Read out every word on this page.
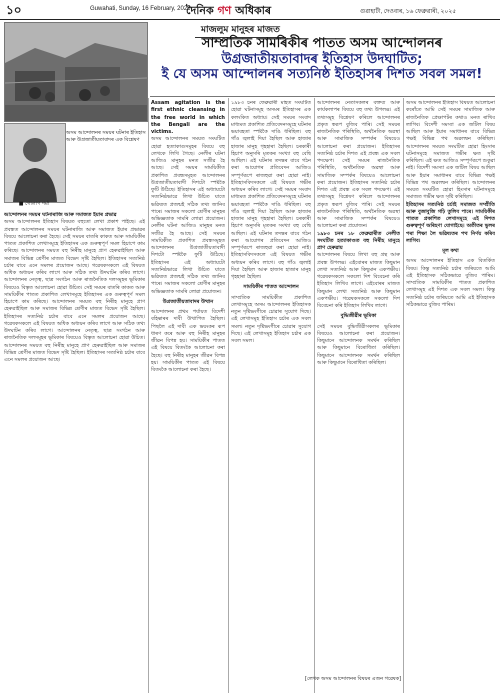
১০	Guwahati, Sunday, 16 February, 2025
দৈনিক গণ অধিকাৰ	গুৱাহাটী, দেওবাৰ, ১৬ ফেব্ৰুৱাৰী, ২০২৫
মাজলুম মানুহৰ মাজত
সাম্প্ৰতিক সামৰিকীৰ পাতত অসম আন্দোলনৰ
উগ্ৰজাতীয়তাবাদৰ ইতিহাস উদঘাটিত;
ই যে অসম আন্দোলনৰ সত্যনিষ্ঠ ইতিহাসৰ দিশত সবল সমল!
■ গোলাপ শৰ্মা
অসম আন্দোলনৰ সময়ৰ ঘটনাৰ ইতিহাস আৰু উগ্ৰজাতীয়তাবাদৰ এক বিশ্লেষণ
আন্দোলনৰ সময়ৰ ঘটনাৰাজি আৰু সমাজত ইয়াৰ প্ৰভাৱ
অসম আন্দোলনৰ ইতিহাস বিষয়ত বহুতো লেখা প্ৰকাশ পাইছে। এই প্ৰবন্ধত আন্দোলনৰ সময়ৰ ঘটনাৰাজি আৰু সমাজত ইয়াৰ প্ৰভাৱৰ বিষয়ে আলোচনা কৰা হৈছে। সেই সময়ৰ বাতৰি কাকত আৰু সাময়িকীৰ পাতত প্ৰকাশিত লেখাসমূহে ইতিহাসৰ এক গুৰুত্বপূৰ্ণ সমল হিচাপে কাম কৰিছে। আন্দোলনৰ সময়ত বহু নিৰীহ মানুহে প্ৰাণ হেৰুৱাইছিল আৰু সমাজৰ বিভিন্ন শ্ৰেণীৰ মাজত বিভেদ সৃষ্টি হৈছিল। ইতিহাসৰ সত্যনিষ্ঠ চৰ্চাৰ বাবে এনে সমলৰ প্ৰয়োজন আছে। গৱেষকসকলে এই বিষয়ত অধিক অধ্যয়ন কৰিব লাগে আৰু সঠিক তথ্য উদঘাটন কৰিব লাগে। আন্দোলনৰ নেতৃত্ব, ছাত্ৰ সংগঠন আৰু ৰাজনৈতিক দলসমূহৰ ভূমিকাৰ বিষয়েও বিস্তৃত আলোচনা হোৱা উচিত। সেই সময়ৰ বাতৰি কাকত আৰু সাময়িকীৰ পাতত প্ৰকাশিত লেখাসমূহে ইতিহাসৰ এক গুৰুত্বপূৰ্ণ সমল হিচাপে কাম কৰিছে। আন্দোলনৰ সময়ত বহু নিৰীহ মানুহে প্ৰাণ হেৰুৱাইছিল আৰু সমাজৰ বিভিন্ন শ্ৰেণীৰ মাজত বিভেদ সৃষ্টি হৈছিল। ইতিহাসৰ সত্যনিষ্ঠ চৰ্চাৰ বাবে এনে সমলৰ প্ৰয়োজন আছে। গৱেষকসকলে এই বিষয়ত অধিক অধ্যয়ন কৰিব লাগে আৰু সঠিক তথ্য উদঘাটন কৰিব লাগে। আন্দোলনৰ নেতৃত্ব, ছাত্ৰ সংগঠন আৰু ৰাজনৈতিক দলসমূহৰ ভূমিকাৰ বিষয়েও বিস্তৃত আলোচনা হোৱা উচিত। আন্দোলনৰ সময়ত বহু নিৰীহ মানুহে প্ৰাণ হেৰুৱাইছিল আৰু সমাজৰ বিভিন্ন শ্ৰেণীৰ মাজত বিভেদ সৃষ্টি হৈছিল। ইতিহাসৰ সত্যনিষ্ঠ চৰ্চাৰ বাবে এনে সমলৰ প্ৰয়োজন আছে।
Assam agitation is the first ethnic cleansing in the free world in which the Bengali are the victims.
অসম আন্দোলনৰ সময়ত সংঘটিত হোৱা হত্যাকাণ্ডসমূহৰ বিষয়ে বহু লেখকে লিখি গৈছে। নেলীৰ ঘটনা আজিও মানুহৰ মনত সজীৱ হৈ আছে। সেই সময়ৰ সাময়িকীত প্ৰকাশিত প্ৰবন্ধসমূহত আন্দোলনৰ উগ্ৰজাতীয়তাবাদী দিশটো স্পষ্টকৈ ফুটি উঠিছে। ইতিহাসৰ এই অধ্যায়টো সত্যনিষ্ঠভাৱে লিখা উচিত যাতে ভৱিষ্যত প্ৰজন্মই সঠিক তথ্য জানিব পাৰে। সমাজৰ সকলো শ্ৰেণীৰ মানুহৰ অভিজ্ঞতাক সামৰি লোৱা প্ৰয়োজন। নেলীৰ ঘটনা আজিও মানুহৰ মনত সজীৱ হৈ আছে। সেই সময়ৰ সাময়িকীত প্ৰকাশিত প্ৰবন্ধসমূহত আন্দোলনৰ উগ্ৰজাতীয়তাবাদী দিশটো স্পষ্টকৈ ফুটি উঠিছে। ইতিহাসৰ এই অধ্যায়টো সত্যনিষ্ঠভাৱে লিখা উচিত যাতে ভৱিষ্যত প্ৰজন্মই সঠিক তথ্য জানিব পাৰে। সমাজৰ সকলো শ্ৰেণীৰ মানুহৰ অভিজ্ঞতাক সামৰি লোৱা প্ৰয়োজন।
উগ্ৰজাতীয়তাবাদৰ উত্থান
আন্দোলনৰ প্ৰথম পৰ্যায়ত বিদেশী বহিষ্কাৰৰ দাবী উত্থাপিত হৈছিল। পিছলৈ এই দাবী এক ভয়ংকৰ ৰূপ ধাৰণ কৰে আৰু বহু নিৰীহ মানুহৰ জীৱন বিপন্ন হয়। সাময়িকীৰ পাতত এই বিষয়ে বিতংকৈ আলোচনা কৰা হৈছে। বহু নিৰীহ মানুহৰ জীৱন বিপন্ন হয়। সাময়িকীৰ পাতত এই বিষয়ে বিতংকৈ আলোচনা কৰা হৈছে।
১৯৮৩ চনৰ ফেব্ৰুৱাৰী মাহত সংঘটিত হোৱা ঘটনাসমূহ অসমৰ ইতিহাসৰ এক কলংকিত অধ্যায়। সেই সময়ৰ সংবাদ মাধ্যমত প্ৰকাশিত প্ৰতিবেদনসমূহে ঘটনাৰ ভয়াবহতা স্পষ্টকৈ দাঙি ধৰিছিল। বহু গাঁও জ্বলাই দিয়া হৈছিল আৰু হাজাৰ হাজাৰ মানুহ গৃহহাৰা হৈছিল। চৰকাৰী হিচাপ অনুসৰি মৃতকৰ সংখ্যা বহু বেছি আছিল। এই ঘটনাৰ তদন্তৰ বাবে গঠন কৰা আয়োগৰ প্ৰতিবেদন আজিও সম্পূৰ্ণৰূপে ৰাজহুৱা কৰা হোৱা নাই। ইতিহাসবিদসকলে এই বিষয়ত গভীৰ অধ্যয়ন কৰিব লাগে। সেই সময়ৰ সংবাদ মাধ্যমত প্ৰকাশিত প্ৰতিবেদনসমূহে ঘটনাৰ ভয়াবহতা স্পষ্টকৈ দাঙি ধৰিছিল। বহু গাঁও জ্বলাই দিয়া হৈছিল আৰু হাজাৰ হাজাৰ মানুহ গৃহহাৰা হৈছিল। চৰকাৰী হিচাপ অনুসৰি মৃতকৰ সংখ্যা বহু বেছি আছিল। এই ঘটনাৰ তদন্তৰ বাবে গঠন কৰা আয়োগৰ প্ৰতিবেদন আজিও সম্পূৰ্ণৰূপে ৰাজহুৱা কৰা হোৱা নাই। ইতিহাসবিদসকলে এই বিষয়ত গভীৰ অধ্যয়ন কৰিব লাগে। বহু গাঁও জ্বলাই দিয়া হৈছিল আৰু হাজাৰ হাজাৰ মানুহ গৃহহাৰা হৈছিল।
সাময়িকীৰ পাতত আন্দোলন
সাম্প্ৰতিক সাময়িকীত প্ৰকাশিত লেখাসমূহে অসম আন্দোলনৰ ইতিহাসক নতুন দৃষ্টিভংগীৰে চোৱাৰ সুযোগ দিছে। এই লেখাসমূহ ইতিহাস চৰ্চাৰ এক সবল সমল। নতুন দৃষ্টিভংগীৰে চোৱাৰ সুযোগ দিছে। এই লেখাসমূহ ইতিহাস চৰ্চাৰ এক সবল সমল।
আন্দোলনৰ নেতাসকলৰ বক্তব্য আৰু কাৰ্যকলাপৰ বিষয়ে বহু তথ্য উপলব্ধ। এই তথ্যসমূহ বিশ্লেষণ কৰিলে আন্দোলনৰ প্ৰকৃত স্বৰূপ বুজিব পাৰি। সেই সময়ৰ ৰাজনৈতিক পৰিস্থিতি, অৰ্থনৈতিক অৱস্থা আৰু সামাজিক সম্পৰ্কৰ বিষয়েও আলোচনা কৰা প্ৰয়োজন। ইতিহাসৰ সত্যনিষ্ঠ চৰ্চাৰ দিশত এই প্ৰবন্ধ এক সবল পদক্ষেপ। সেই সময়ৰ ৰাজনৈতিক পৰিস্থিতি, অৰ্থনৈতিক অৱস্থা আৰু সামাজিক সম্পৰ্কৰ বিষয়েও আলোচনা কৰা প্ৰয়োজন। ইতিহাসৰ সত্যনিষ্ঠ চৰ্চাৰ দিশত এই প্ৰবন্ধ এক সবল পদক্ষেপ। এই তথ্যসমূহ বিশ্লেষণ কৰিলে আন্দোলনৰ প্ৰকৃত স্বৰূপ বুজিব পাৰি। সেই সময়ৰ ৰাজনৈতিক পৰিস্থিতি, অৰ্থনৈতিক অৱস্থা আৰু সামাজিক সম্পৰ্কৰ বিষয়েও আলোচনা কৰা প্ৰয়োজন।
১৯৮৩ চনৰ ১৮ ফেব্ৰুৱাৰীত নেলীত সংঘটিত হত্যাকাণ্ডত বহু নিৰীহ মানুহে প্ৰাণ হেৰুৱায়
আন্দোলনৰ বিষয়ে লিখা বহু গ্ৰন্থ আৰু প্ৰবন্ধ উপলব্ধ। এইবোৰৰ মাজত কিছুমান লেখা সত্যনিষ্ঠ আৰু কিছুমান একপক্ষীয়। গৱেষকসকলে সকলো দিশ বিবেচনা কৰি ইতিহাস লিখিব লাগে। এইবোৰৰ মাজত কিছুমান লেখা সত্যনিষ্ঠ আৰু কিছুমান একপক্ষীয়। গৱেষকসকলে সকলো দিশ বিবেচনা কৰি ইতিহাস লিখিব লাগে।
বুদ্ধিজীৱীৰ ভূমিকা
সেই সময়ৰ বুদ্ধিজীৱীসকলৰ ভূমিকাৰ বিষয়েও আলোচনা কৰা প্ৰয়োজন। কিছুমানে আন্দোলনক সমৰ্থন কৰিছিল আৰু কিছুমানে বিৰোধিতা কৰিছিল। কিছুমানে আন্দোলনক সমৰ্থন কৰিছিল আৰু কিছুমানে বিৰোধিতা কৰিছিল।
অসম আন্দোলনৰ ইতিহাস বিষয়ত আলোচনা কৰোঁতে আমি সেই সময়ৰ সামাজিক আৰু ৰাজনৈতিক প্ৰেক্ষাপটৰ কথাও মনত ৰাখিব লাগিব। বিদেশী সমস্যা এক জটিল বিষয় আছিল আৰু ইয়াৰ সমাধানৰ বাবে বিভিন্ন পক্ষই বিভিন্ন পথ অৱলম্বন কৰিছিল। আন্দোলনৰ সময়ত সংঘটিত হোৱা হিংসাৰ ঘটনাসমূহে সমাজত গভীৰ ক্ষত সৃষ্টি কৰিছিল। এই ক্ষত আজিও সম্পূৰ্ণৰূপে শুকুৱা নাই। বিদেশী সমস্যা এক জটিল বিষয় আছিল আৰু ইয়াৰ সমাধানৰ বাবে বিভিন্ন পক্ষই বিভিন্ন পথ অৱলম্বন কৰিছিল। আন্দোলনৰ সময়ত সংঘটিত হোৱা হিংসাৰ ঘটনাসমূহে সমাজত গভীৰ ক্ষত সৃষ্টি কৰিছিল।
ইতিহাসৰ সত্যনিষ্ঠ চৰ্চাই সমাজত সম্প্ৰীতি আৰু বুজাবুজি গঢ়ি তুলিব পাৰে। সাময়িকীৰ পাতত প্ৰকাশিত লেখাসমূহে এই দিশত গুৰুত্বপূৰ্ণ অৰিহণা যোগাইছে। অতীতৰ ভুলৰ পৰা শিক্ষা লৈ ভৱিষ্যতৰ পথ নিৰ্ণয় কৰিব লাগিব।
মূল কথা
অসম আন্দোলনৰ ইতিহাস এক বিতৰ্কিত বিষয়। কিন্তু সত্যনিষ্ঠ চৰ্চাৰ জৰিয়তে আমি এই ইতিহাসক সঠিকভাৱে বুজিব পাৰিম। সাম্প্ৰতিক সাময়িকীৰ পাতত প্ৰকাশিত লেখাসমূহ এই দিশত এক সবল সমল। কিন্তু সত্যনিষ্ঠ চৰ্চাৰ জৰিয়তে আমি এই ইতিহাসক সঠিকভাৱে বুজিব পাৰিম।
[লেখক অসম আন্দোলনৰ বিষয়ৰ এজন গৱেষক]
